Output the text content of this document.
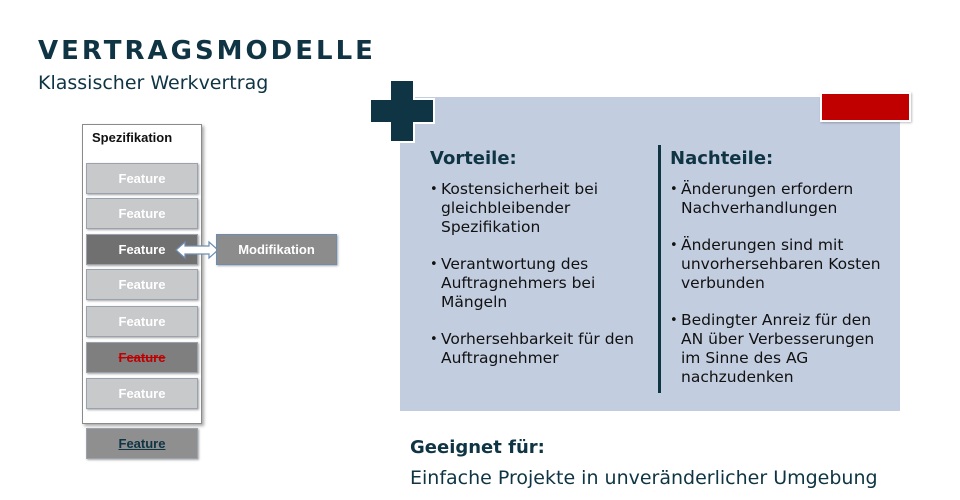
VERTRAGSMODELLE
Klassischer Werkvertrag
Spezifikation
Feature
Feature
Feature
Feature
Feature
Feature
Feature
Feature
Modifikation
Vorteile:
• Kostensicherheit bei gleichbleibender Spezifikation
• Verantwortung des Auftragnehmers bei Mängeln
• Vorhersehbarkeit für den Auftragnehmer
Nachteile:
• Änderungen erfordern Nachverhandlungen
• Änderungen sind mit unvorhersehbaren Kosten verbunden
• Bedingter Anreiz für den AN über Verbesserungen im Sinne des AG nachzudenken
Geeignet für:
Einfache Projekte in unveränderlicher Umgebung
